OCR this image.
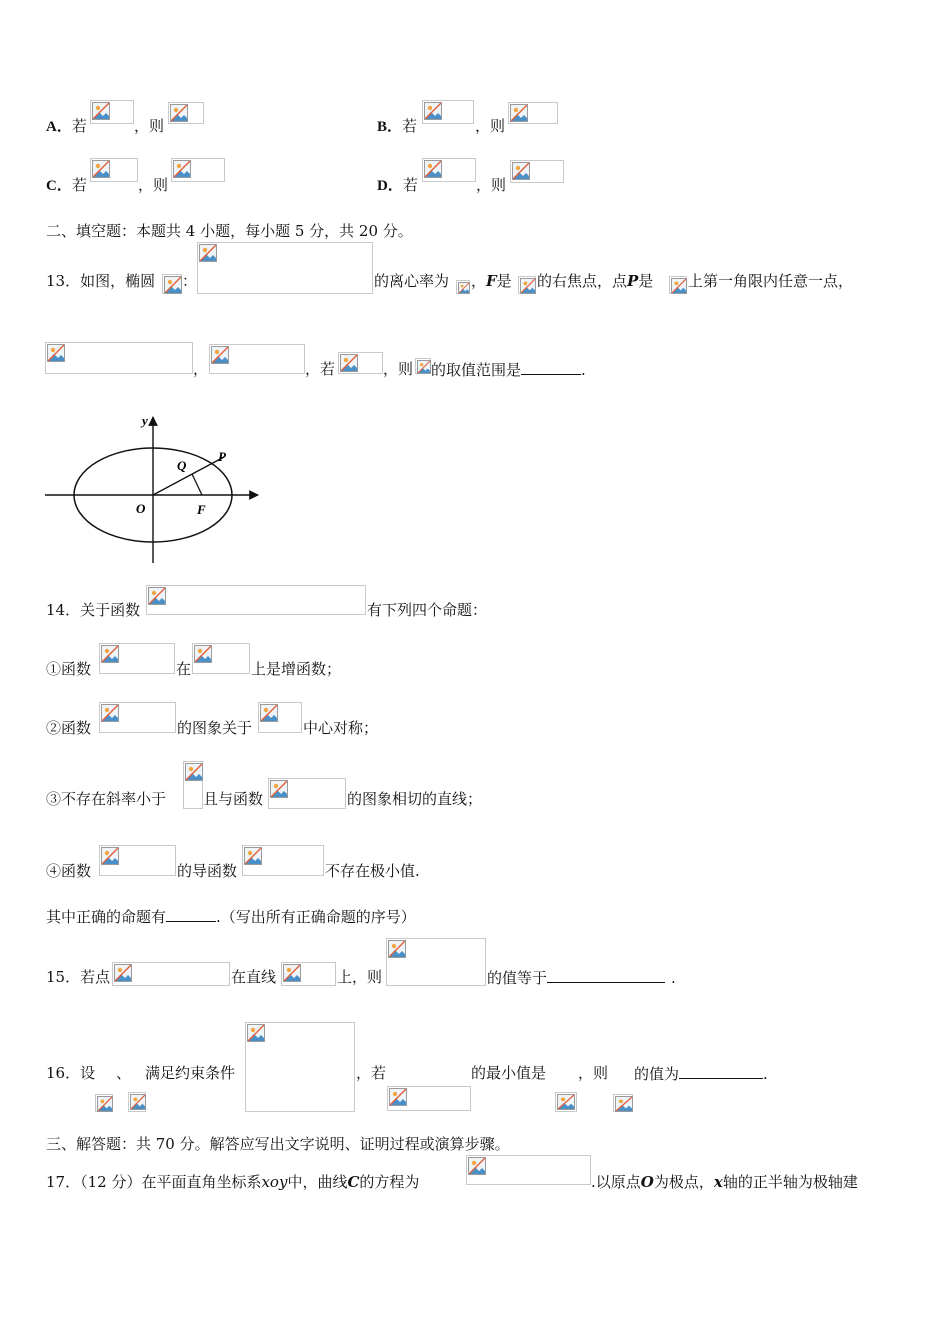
A．若	，则	B．若	，则
C．若	，则	D．若	，则
二、填空题：本题共 4 小题，每小题 5 分，共 20 分。
13．如图，椭圆 ：	的离心率为 ，F是 的右焦点，点P是 上第一角限内任意一点，
，	，若	，则 的取值范围是	.
y
P
Q
O	F
14．关于函数	有下列四个命题：
①函数	在	上是增函数；
②函数	的图象关于	中心对称；
③不存在斜率小于 且与函数	的图象相切的直线；
④函数	的导函数	不存在极小值.
其中正确的命题有	.（写出所有正确命题的序号）
15．若点	在直线	上，则	的值等于	.
16．设 、 满足约束条件	，若	的最小值是 ，则 的值为	.
三、解答题：共 70 分。解答应写出文字说明、证明过程或演算步骤。
17．（12 分）在平面直角坐标系xoy中，曲线C的方程为	.以原点O为极点，x轴的正半轴为极轴建
